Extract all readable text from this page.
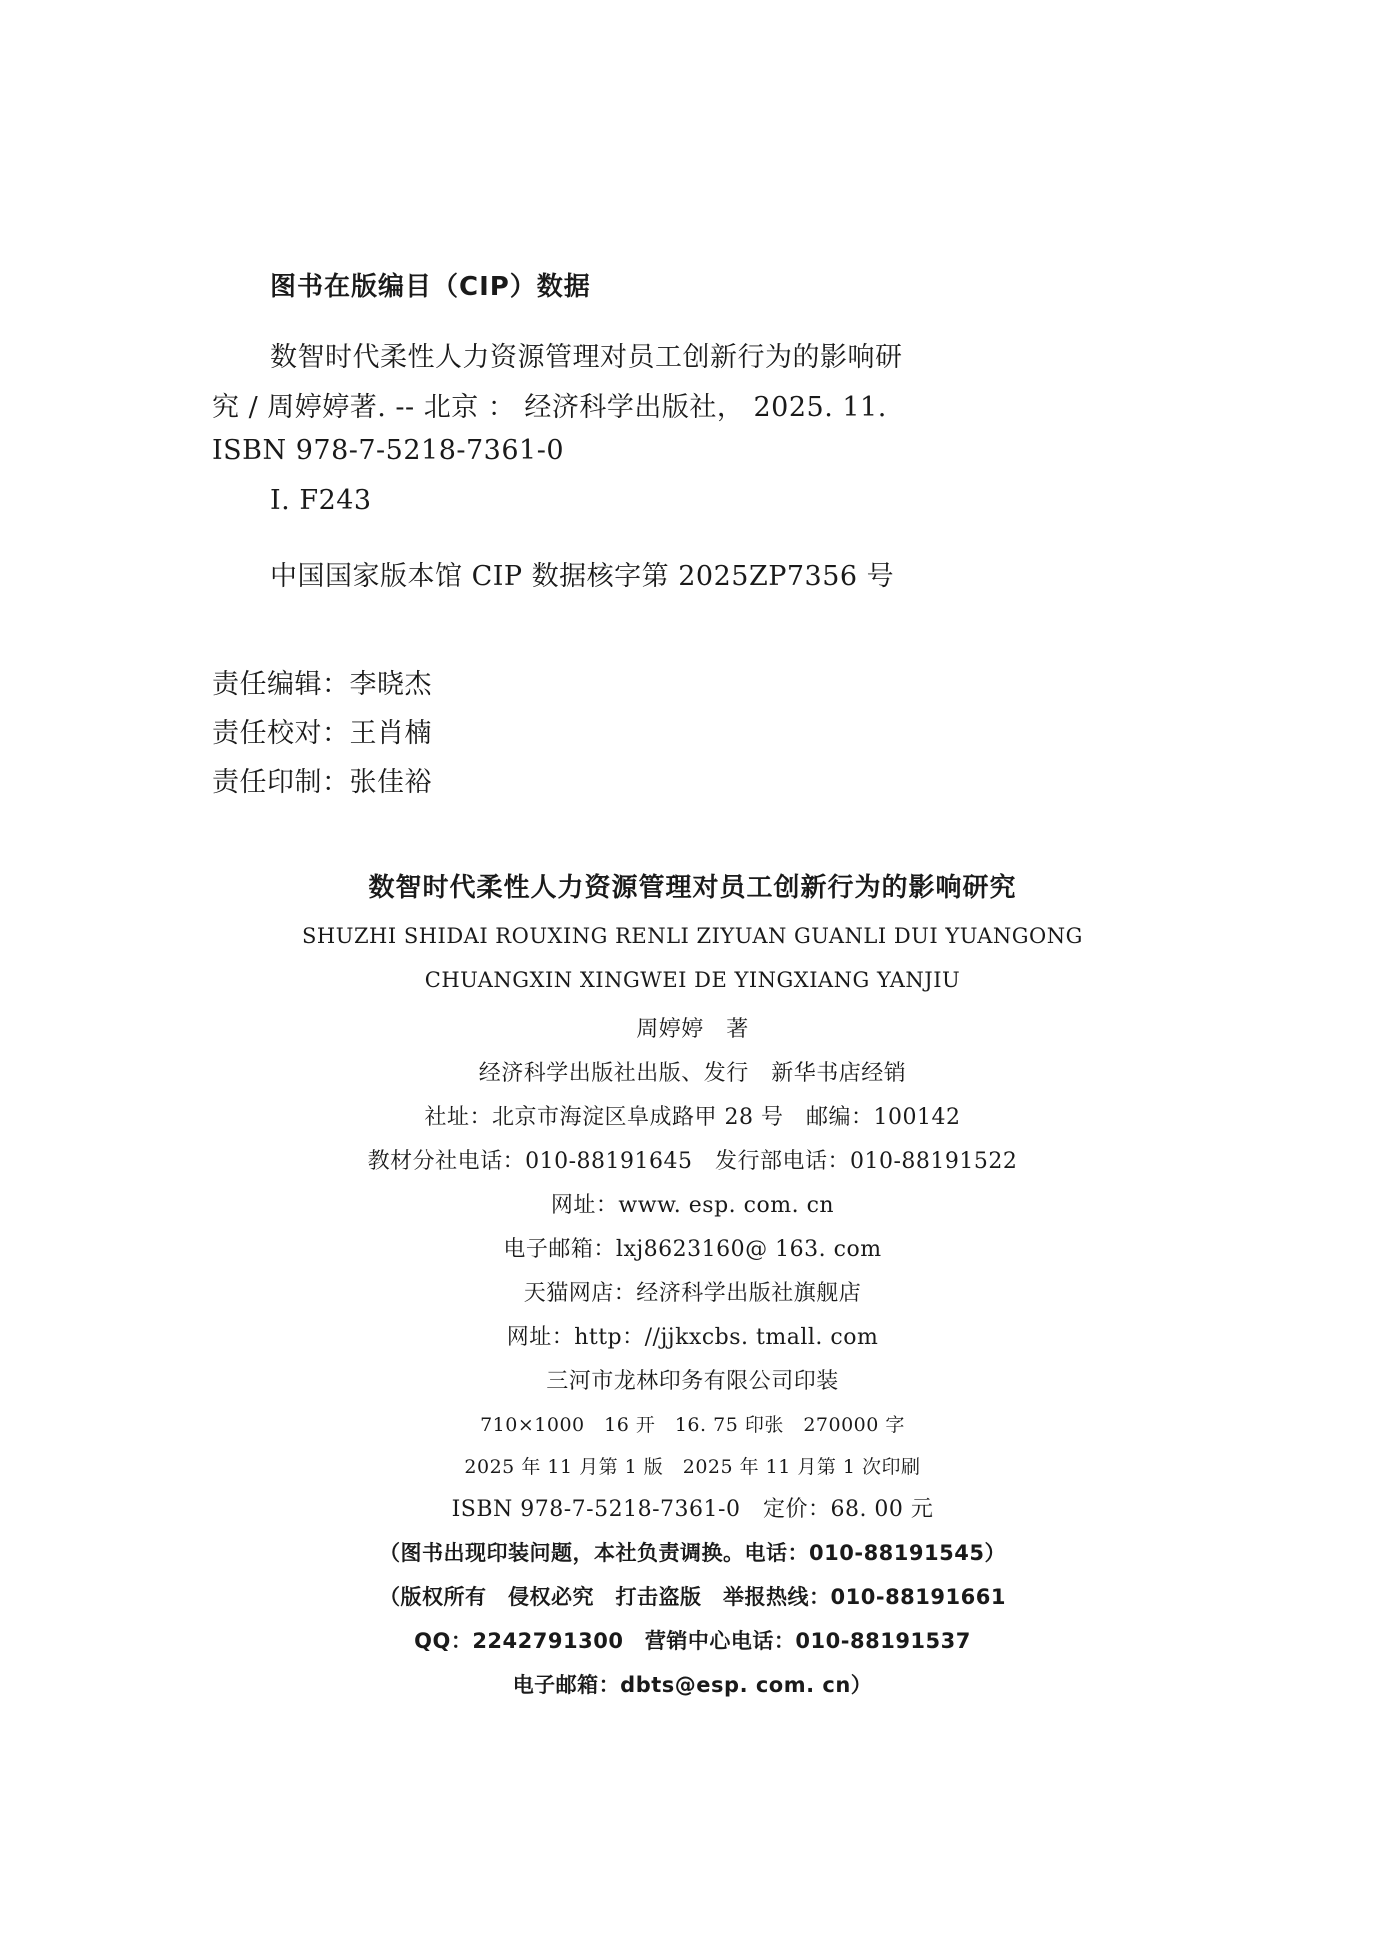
图书在版编目（CIP）数据
数智时代柔性人力资源管理对员工创新行为的影响研
究 / 周婷婷著. -- 北京 ： 经济科学出版社， 2025. 11.
ISBN 978-7-5218-7361-0
Ⅰ. F243
中国国家版本馆 CIP 数据核字第 2025ZP7356 号
责任编辑：李晓杰
责任校对：王肖楠
责任印制：张佳裕
数智时代柔性人力资源管理对员工创新行为的影响研究
SHUZHI SHIDAI ROUXING RENLI ZIYUAN GUANLI DUI YUANGONG
CHUANGXIN XINGWEI DE YINGXIANG YANJIU
周婷婷　著
经济科学出版社出版、发行　新华书店经销
社址：北京市海淀区阜成路甲 28 号　邮编：100142
教材分社电话：010-88191645　发行部电话：010-88191522
网址：www. esp. com. cn
电子邮箱：lxj8623160@ 163. com
天猫网店：经济科学出版社旗舰店
网址：http：//jjkxcbs. tmall. com
三河市龙林印务有限公司印装
710×1000　16 开　16. 75 印张　270000 字
2025 年 11 月第 1 版　2025 年 11 月第 1 次印刷
ISBN 978-7-5218-7361-0　定价：68. 00 元
（图书出现印装问题，本社负责调换。电话：010-88191545）
（版权所有　侵权必究　打击盗版　举报热线：010-88191661
QQ：2242791300　营销中心电话：010-88191537
电子邮箱：dbts@esp. com. cn）
